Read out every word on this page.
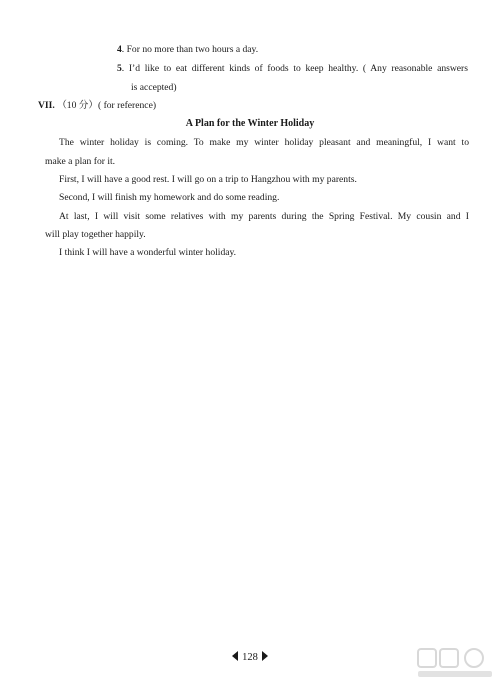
4. For no more than two hours a day.
5. I’d like to eat different kinds of foods to keep healthy. ( Any reasonable answers
is accepted)
VII. （10 分）( for reference)
A Plan for the Winter Holiday
The winter holiday is coming. To make my winter holiday pleasant and meaningful, I want to
make a plan for it.
First, I will have a good rest. I will go on a trip to Hangzhou with my parents.
Second, I will finish my homework and do some reading.
At last, I will visit some relatives with my parents during the Spring Festival. My cousin and I
will play together happily.
I think I will have a wonderful winter holiday.
128
